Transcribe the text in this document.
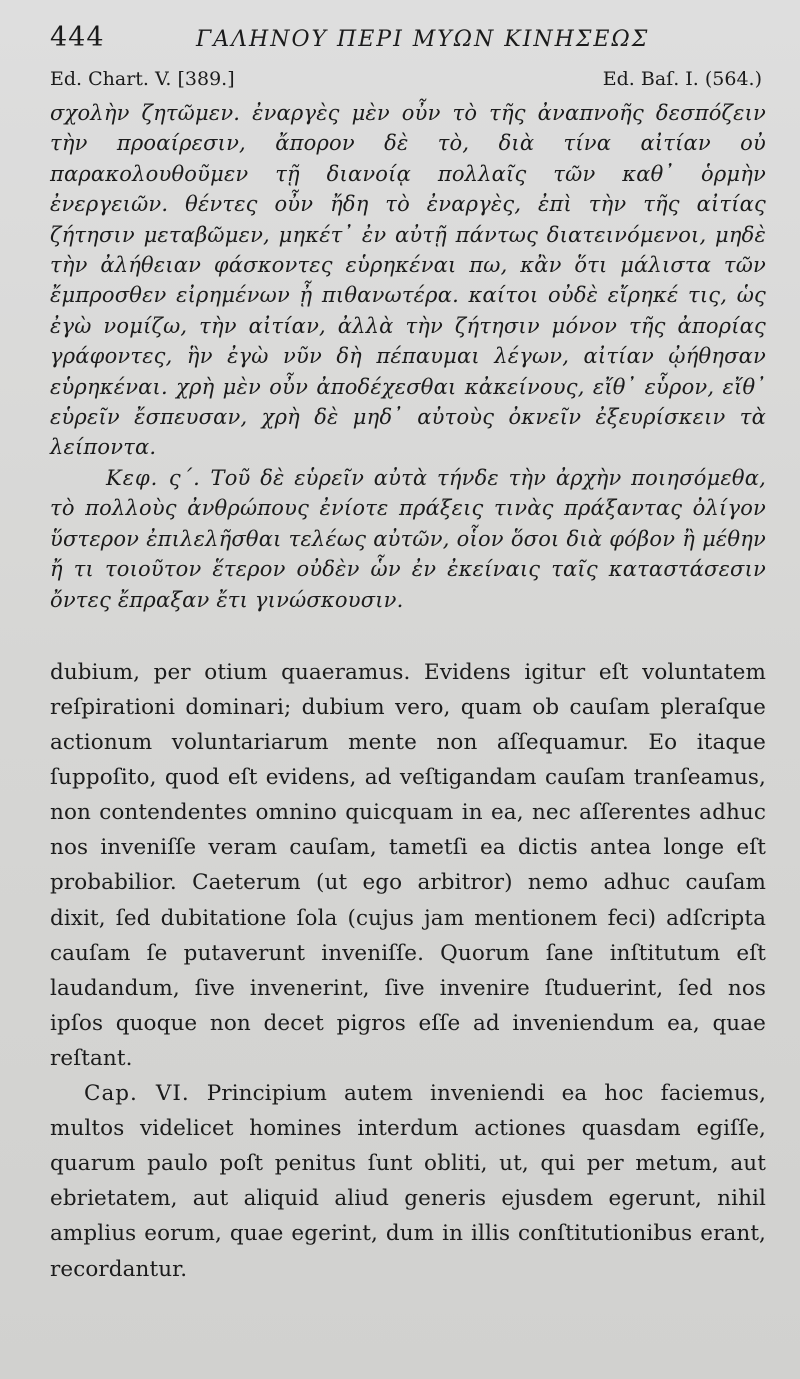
444	ΓΑΛΗΝΟΥ ΠΕΡΙ ΜΥΩΝ ΚΙΝΗΣΕΩΣ
Ed. Chart. V. [389.]	Ed. Baſ. I. (564.)

σχολὴν ζητῶμεν. ἐναργὲς μὲν οὖν τὸ τῆς ἀναπνοῆς δεσπόζειν τὴν προαίρεσιν, ἄπορον δὲ τὸ, διὰ τίνα αἰτίαν οὐ παρακολουθοῦμεν τῇ διανοίᾳ πολλαῖς τῶν καθ᾽ ὁρμὴν ἐνεργειῶν. θέντες οὖν ἤδη τὸ ἐναργὲς, ἐπὶ τὴν τῆς αἰτίας ζήτησιν μεταβῶμεν, μηκέτ᾽ ἐν αὐτῇ πάντως διατεινόμενοι, μηδὲ τὴν ἀλήθειαν φάσκοντες εὑρηκέναι πω, κἂν ὅτι μάλιστα τῶν ἔμπροσθεν εἰρημένων ᾖ πιθανωτέρα. καίτοι οὐδὲ εἴρηκέ τις, ὡς ἐγὼ νομίζω, τὴν αἰτίαν, ἀλλὰ τὴν ζήτησιν μόνον τῆς ἀπορίας γράφοντες, ἣν ἐγὼ νῦν δὴ πέπαυμαι λέγων, αἰτίαν ᾠήθησαν εὑρηκέναι. χρὴ μὲν οὖν ἀποδέχεσθαι κἀκείνους, εἴθ᾽ εὗρον, εἴθ᾽ εὑρεῖν ἔσπευσαν, χρὴ δὲ μηδ᾽ αὐτοὺς ὀκνεῖν ἐξευρίσκειν τὰ λείποντα.

Κεφ. ς΄. Τοῦ δὲ εὑρεῖν αὐτὰ τήνδε τὴν ἀρχὴν ποιησόμεθα, τὸ πολλοὺς ἀνθρώπους ἐνίοτε πράξεις τινὰς πράξαντας ὀλίγον ὕστερον ἐπιλελῆσθαι τελέως αὐτῶν, οἷον ὅσοι διὰ φόβον ἢ μέθην ἤ τι τοιοῦτον ἕτερον οὐδὲν ὧν ἐν ἐκείναις ταῖς καταστάσεσιν ὄντες ἔπραξαν ἔτι γινώσκουσιν.

dubium, per otium quaeramus. Evidens igitur eſt voluntatem reſpirationi dominari; dubium vero, quam ob cauſam pleraſque actionum voluntariarum mente non aſſequamur. Eo itaque ſuppoſito, quod eſt evidens, ad veſtigandam cauſam tranſeamus, non contendentes omnino quicquam in ea, nec aſſerentes adhuc nos inveniſſe veram cauſam, tametſi ea dictis antea longe eſt probabilior. Caeterum (ut ego arbitror) nemo adhuc cauſam dixit, ſed dubitatione ſola (cujus jam mentionem feci) adſcripta cauſam ſe putaverunt inveniſſe. Quorum ſane inſtitutum eſt laudandum, ſive invenerint, ſive invenire ſtuduerint, ſed nos ipſos quoque non decet pigros eſſe ad inveniendum ea, quae reſtant.

Cap. VI. Principium autem inveniendi ea hoc faciemus, multos videlicet homines interdum actiones quasdam egiſſe, quarum paulo poſt penitus ſunt obliti, ut, qui per metum, aut ebrietatem, aut aliquid aliud generis ejusdem egerunt, nihil amplius eorum, quae egerint, dum in illis conſtitutionibus erant, recordantur.
